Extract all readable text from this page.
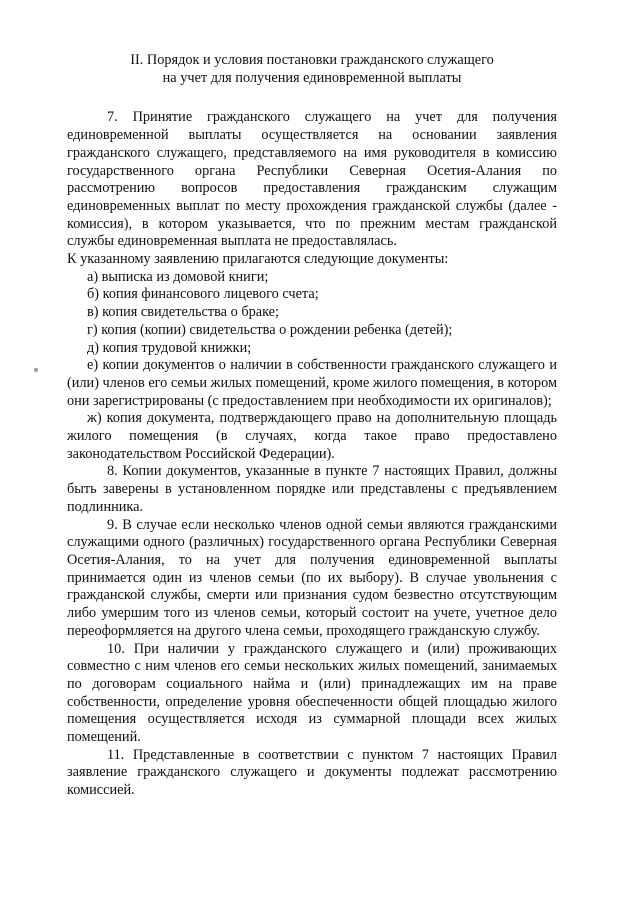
II. Порядок и условия постановки гражданского служащего
на учет для получения единовременной выплаты

7. Принятие гражданского служащего на учет для получения единовременной выплаты осуществляется на основании заявления гражданского служащего, представляемого на имя руководителя в комиссию государственного органа Республики Северная Осетия-Алания по рассмотрению вопросов предоставления гражданским служащим единовременных выплат по месту прохождения гражданской службы (далее - комиссия), в котором указывается, что по прежним местам гражданской службы единовременная выплата не предоставлялась.

К указанному заявлению прилагаются следующие документы:

а) выписка из домовой книги;

б) копия финансового лицевого счета;

в) копия свидетельства о браке;

г) копия (копии) свидетельства о рождении ребенка (детей);

д) копия трудовой книжки;

е) копии документов о наличии в собственности гражданского служащего и (или) членов его семьи жилых помещений, кроме жилого помещения, в котором они зарегистрированы (с предоставлением при необходимости их оригиналов);

ж) копия документа, подтверждающего право на дополнительную площадь жилого помещения (в случаях, когда такое право предоставлено законодательством Российской Федерации).

8. Копии документов, указанные в пункте 7 настоящих Правил, должны быть заверены в установленном порядке или представлены с предъявлением подлинника.

9. В случае если несколько членов одной семьи являются гражданскими служащими одного (различных) государственного органа Республики Северная Осетия-Алания, то на учет для получения единовременной выплаты принимается один из членов семьи (по их выбору). В случае увольнения с гражданской службы, смерти или признания судом безвестно отсутствующим либо умершим того из членов семьи, который состоит на учете, учетное дело переоформляется на другого члена семьи, проходящего гражданскую службу.

10. При наличии у гражданского служащего и (или) проживающих совместно с ним членов его семьи нескольких жилых помещений, занимаемых по договорам социального найма и (или) принадлежащих им на праве собственности, определение уровня обеспеченности общей площадью жилого помещения осуществляется исходя из суммарной площади всех жилых помещений.

11. Представленные в соответствии с пунктом 7 настоящих Правил заявление гражданского служащего и документы подлежат рассмотрению комиссией.
